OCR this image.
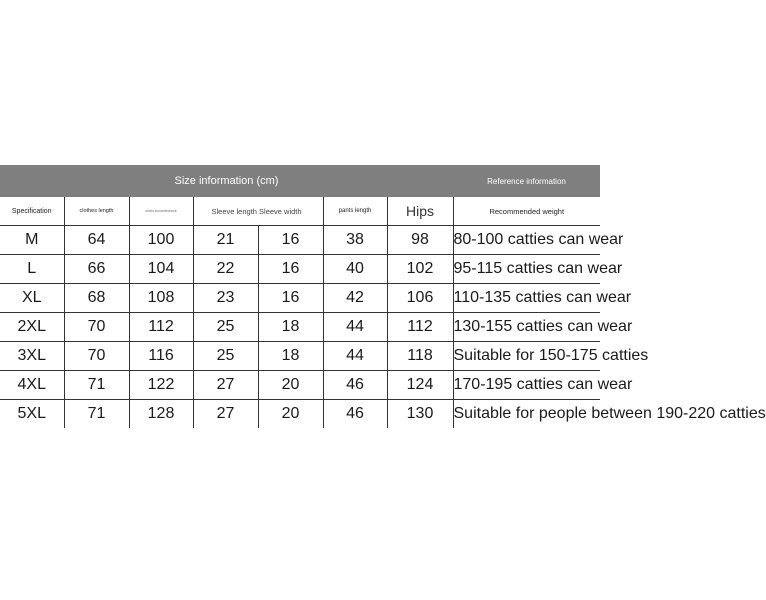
Size information (cm)	Reference information
Specification	clothes length	chest circumference	Sleeve length Sleeve width		pants length	Hips	Recommended weight
M	64	100	21	16	38	98	80-100 catties can wear
L	66	104	22	16	40	102	95-115 catties can wear
XL	68	108	23	16	42	106	110-135 catties can wear
2XL	70	112	25	18	44	112	130-155 catties can wear
3XL	70	116	25	18	44	118	Suitable for 150-175 catties
4XL	71	122	27	20	46	124	170-195 catties can wear
5XL	71	128	27	20	46	130	Suitable for people between 190-220 catties
